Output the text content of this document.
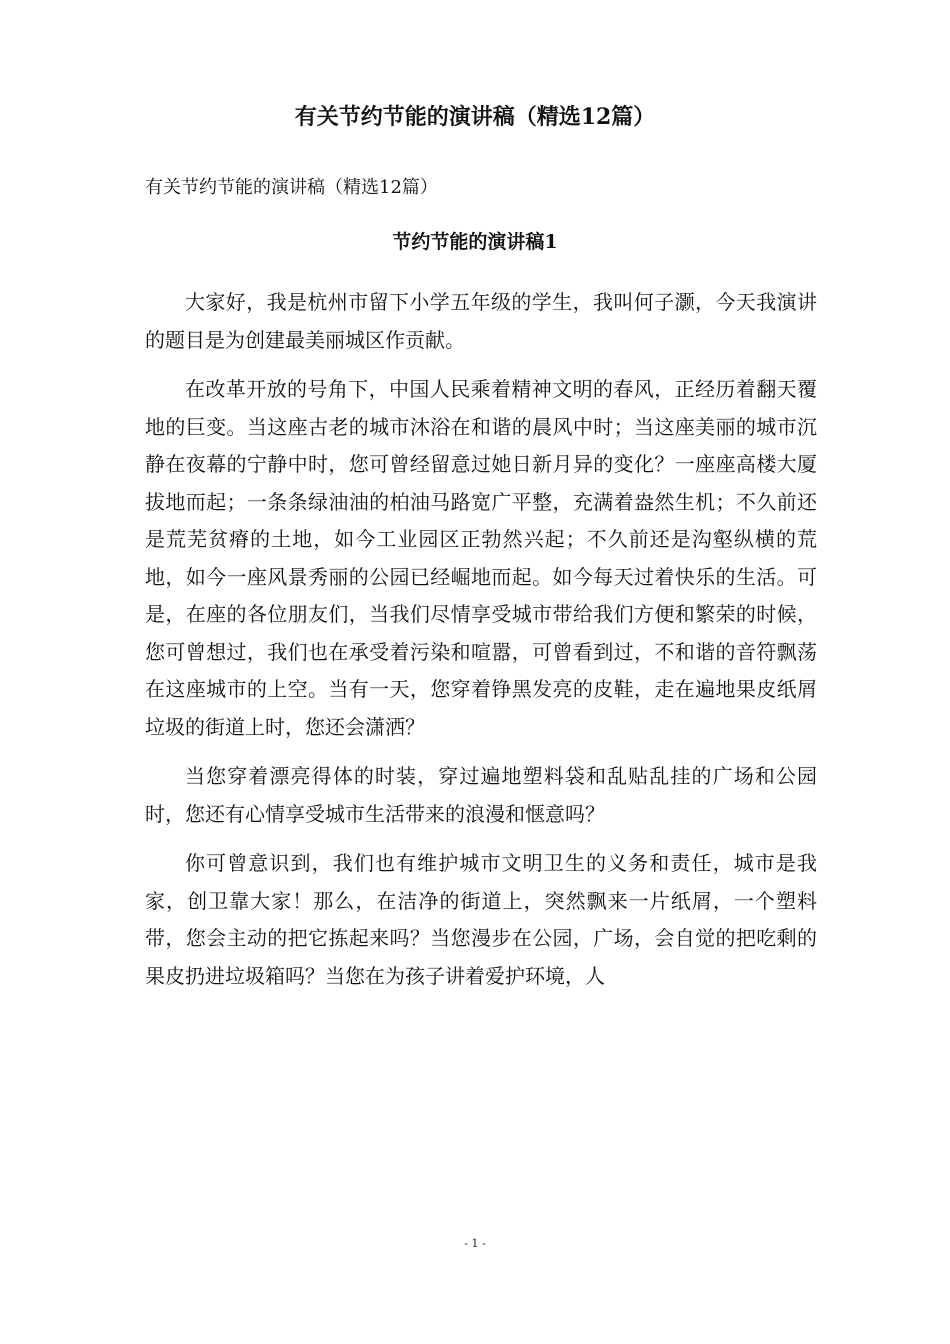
有关节约节能的演讲稿（精选12篇）

有关节约节能的演讲稿（精选12篇）

节约节能的演讲稿1

大家好，我是杭州市留下小学五年级的学生，我叫何子灏，今天我演讲的题目是为创建最美丽城区作贡献。

在改革开放的号角下，中国人民乘着精神文明的春风，正经历着翻天覆地的巨变。当这座古老的城市沐浴在和谐的晨风中时；当这座美丽的城市沉静在夜幕的宁静中时，您可曾经留意过她日新月异的变化？一座座高楼大厦拔地而起；一条条绿油油的柏油马路宽广平整，充满着盎然生机；不久前还是荒芜贫瘠的土地，如今工业园区正勃然兴起；不久前还是沟壑纵横的荒地，如今一座风景秀丽的公园已经崛地而起。如今每天过着快乐的生活。可是，在座的各位朋友们，当我们尽情享受城市带给我们方便和繁荣的时候，您可曾想过，我们也在承受着污染和喧嚣，可曾看到过，不和谐的音符飘荡在这座城市的上空。当有一天，您穿着铮黑发亮的皮鞋，走在遍地果皮纸屑垃圾的街道上时，您还会潇洒？

当您穿着漂亮得体的时装，穿过遍地塑料袋和乱贴乱挂的广场和公园时，您还有心情享受城市生活带来的浪漫和惬意吗？

你可曾意识到，我们也有维护城市文明卫生的义务和责任，城市是我家，创卫靠大家！那么，在洁净的街道上，突然飘来一片纸屑，一个塑料带，您会主动的把它拣起来吗？当您漫步在公园，广场，会自觉的把吃剩的果皮扔进垃圾箱吗？当您在为孩子讲着爱护环境，人

- 1 -
